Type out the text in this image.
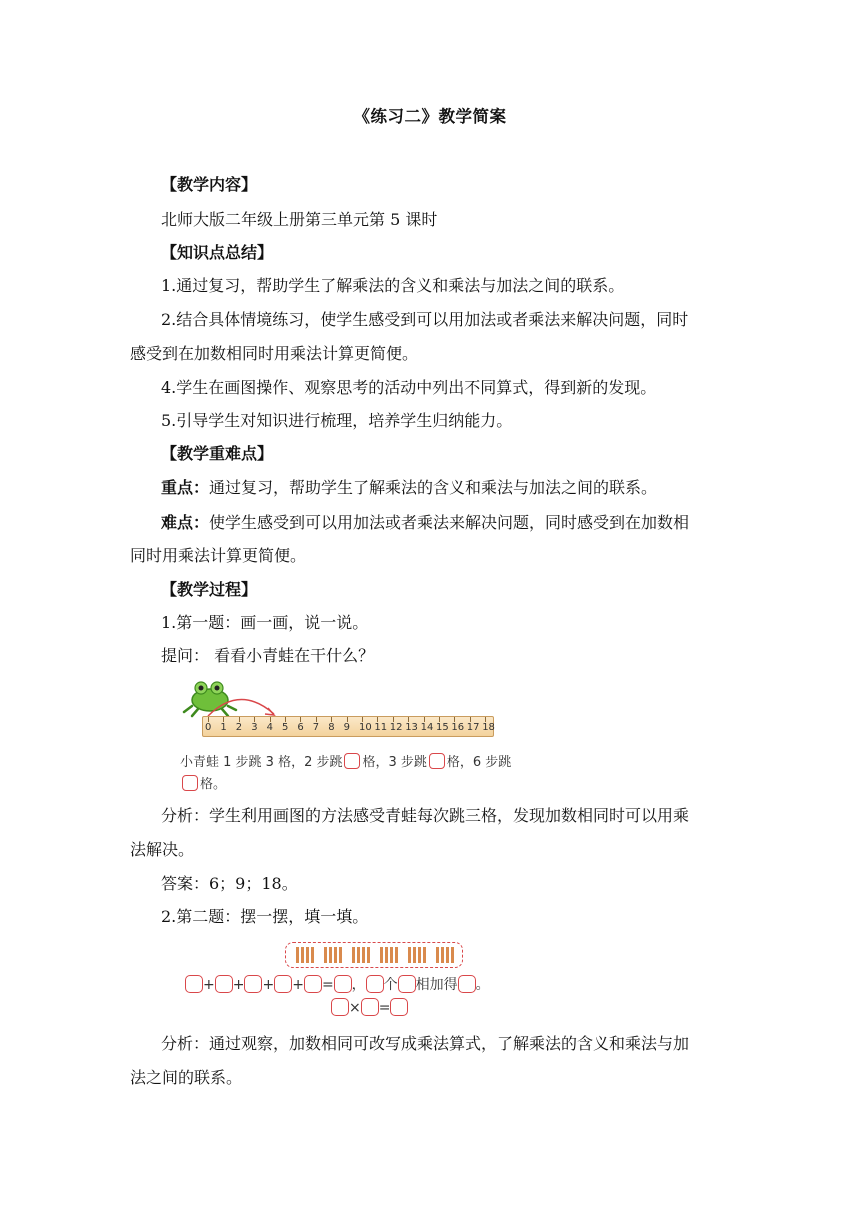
《练习二》教学简案
【教学内容】
北师大版二年级上册第三单元第 5 课时
【知识点总结】
1.通过复习，帮助学生了解乘法的含义和乘法与加法之间的联系。
2.结合具体情境练习，使学生感受到可以用加法或者乘法来解决问题，同时
感受到在加数相同时用乘法计算更简便。
4.学生在画图操作、观察思考的活动中列出不同算式，得到新的发现。
5.引导学生对知识进行梳理，培养学生归纳能力。
【教学重难点】
重点：通过复习，帮助学生了解乘法的含义和乘法与加法之间的联系。
难点：使学生感受到可以用加法或者乘法来解决问题，同时感受到在加数相
同时用乘法计算更简便。
【教学过程】
1.第一题：画一画，说一说。
提问： 看看小青蛙在干什么？
0 1 2 3 4 5 6 7 8 9 10 11 12 13 14 15 16 17 18
小青蛙 1 步跳 3 格，2 步跳 格，3 步跳 格，6 步跳
格。
分析：学生利用画图的方法感受青蛙每次跳三格，发现加数相同时可以用乘
法解决。
答案：6；9；18。
2.第二题：摆一摆，填一填。
+ + + + = ， 个 相加得 。
× =
分析：通过观察，加数相同可改写成乘法算式，了解乘法的含义和乘法与加
法之间的联系。
